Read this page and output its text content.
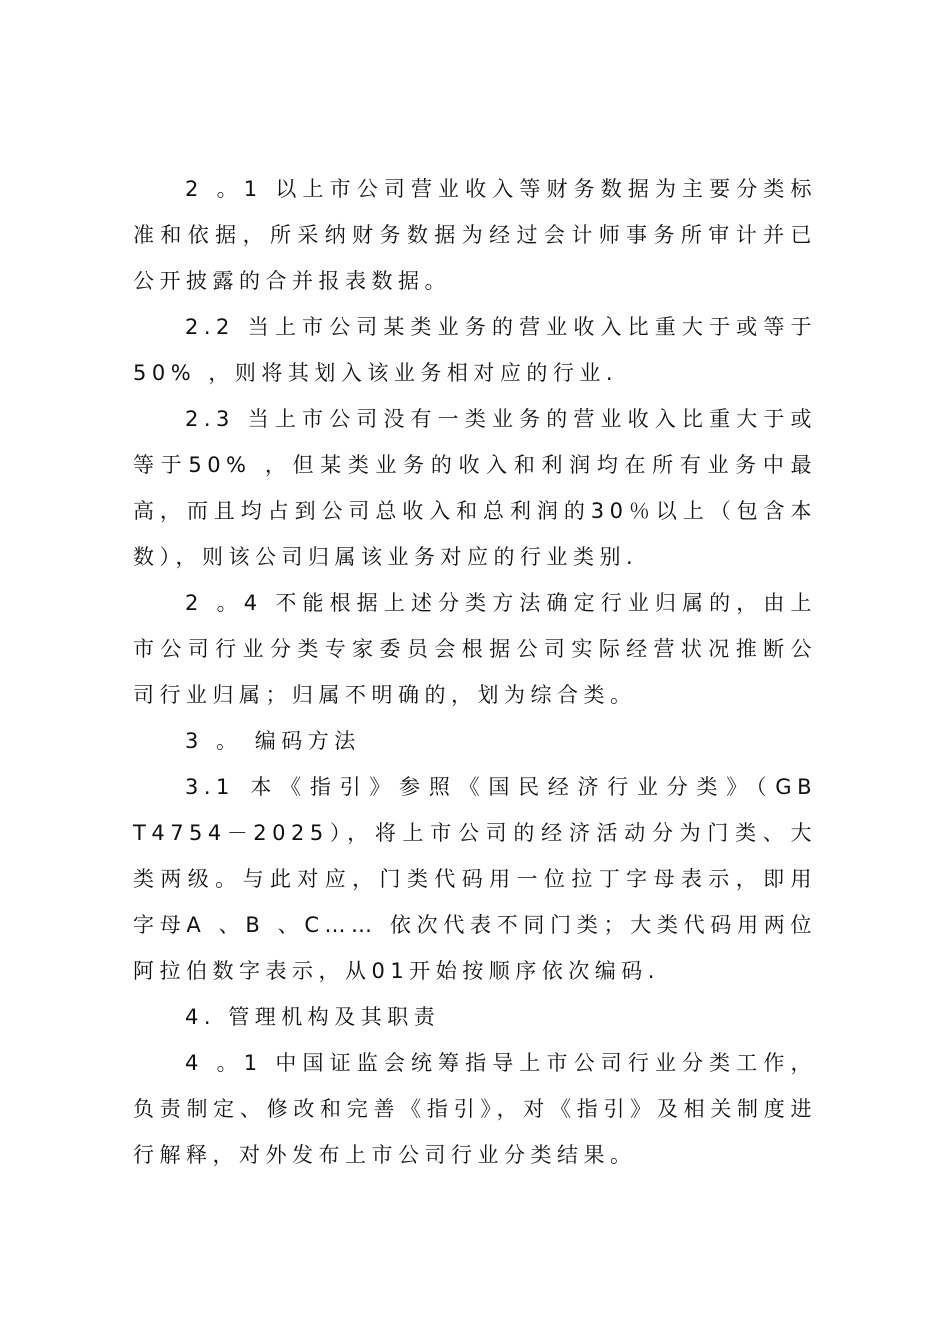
2 。1 以上市公司营业收入等财务数据为主要分类标准和依据，所采纳财务数据为经过会计师事务所审计并已公开披露的合并报表数据。

2.2 当上市公司某类业务的营业收入比重大于或等于50% ，则将其划入该业务相对应的行业.

2.3 当上市公司没有一类业务的营业收入比重大于或等于50% ，但某类业务的收入和利润均在所有业务中最高，而且均占到公司总收入和总利润的30％以上（包含本数），则该公司归属该业务对应的行业类别.

2 。4 不能根据上述分类方法确定行业归属的，由上市公司行业分类专家委员会根据公司实际经营状况推断公司行业归属；归属不明确的，划为综合类。

3 。 编码方法

3.1 本《指引》参照《国民经济行业分类》（GB T4754－2025），将上市公司的经济活动分为门类、大类两级。与此对应，门类代码用一位拉丁字母表示，即用字母A 、B 、C…… 依次代表不同门类；大类代码用两位阿拉伯数字表示，从01开始按顺序依次编码.

4. 管理机构及其职责

4 。1 中国证监会统筹指导上市公司行业分类工作，负责制定、修改和完善《指引》，对《指引》及相关制度进行解释，对外发布上市公司行业分类结果。
